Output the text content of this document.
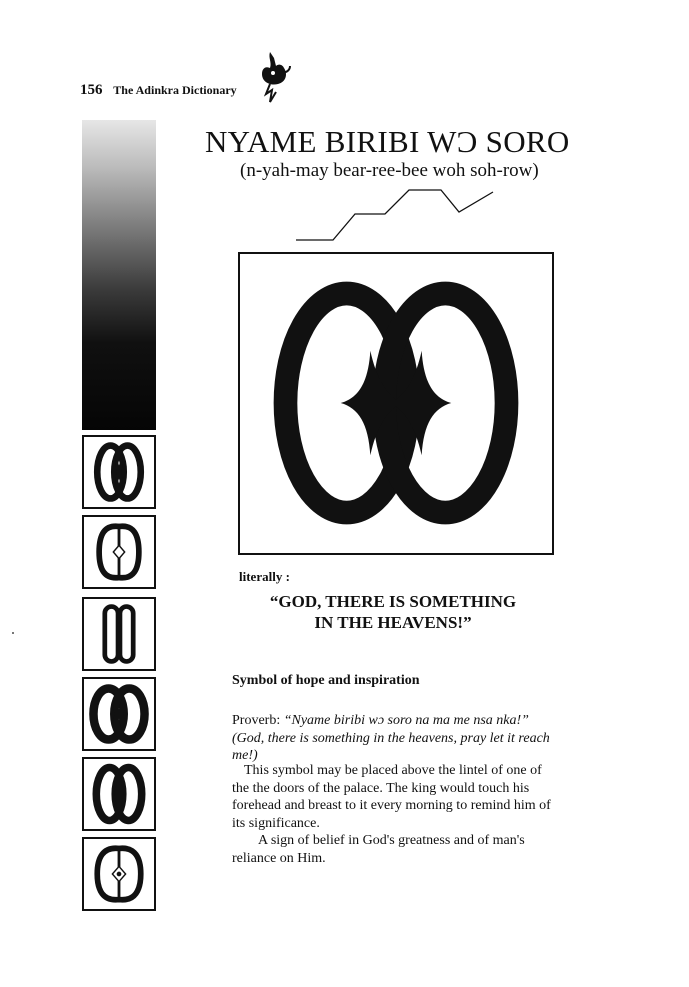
156 The Adinkra Dictionary
NYAME BIRIBI WƆ SORO
(n-yah-may bear-ree-bee woh soh-row)
literally :
“GOD, THERE IS SOMETHING
IN THE HEAVENS!”
Symbol of hope and inspiration
Proverb: “Nyame biribi wɔ soro na ma me nsa nka!” (God, there is something in the heavens, pray let it reach me!)
This symbol may be placed above the lintel of one of the the doors of the palace. The king would touch his forehead and breast to it every morning to remind him of its significance.
A sign of belief in God's greatness and of man's reliance on Him.
